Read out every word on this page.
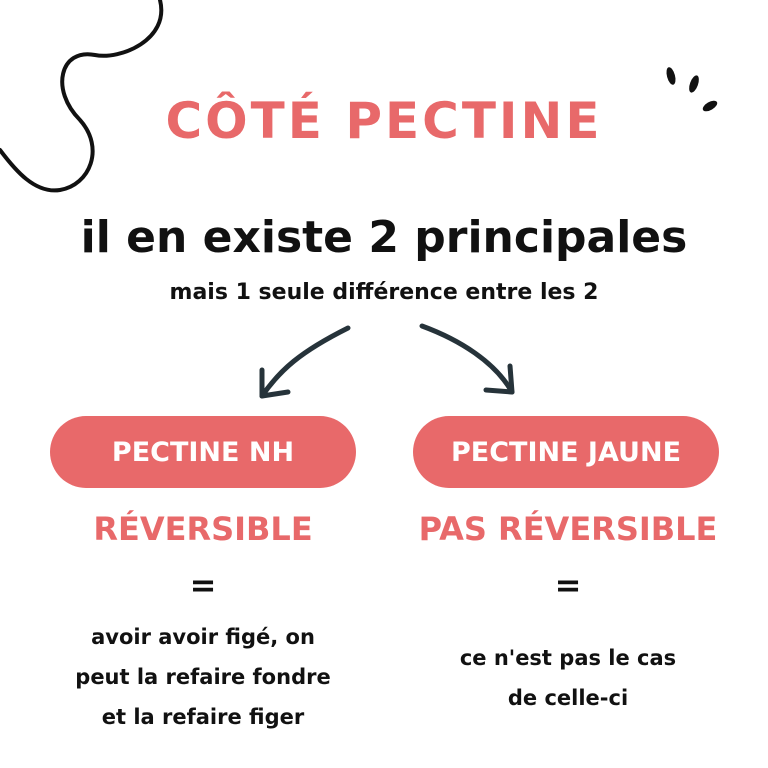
CÔTÉ PECTINE
il en existe 2 principales
mais 1 seule différence entre les 2
PECTINE NH	PECTINE JAUNE
RÉVERSIBLE	PAS RÉVERSIBLE
=	=
avoir avoir figé, on
peut la refaire fondre
et la refaire figer
ce n'est pas le cas
de celle-ci
